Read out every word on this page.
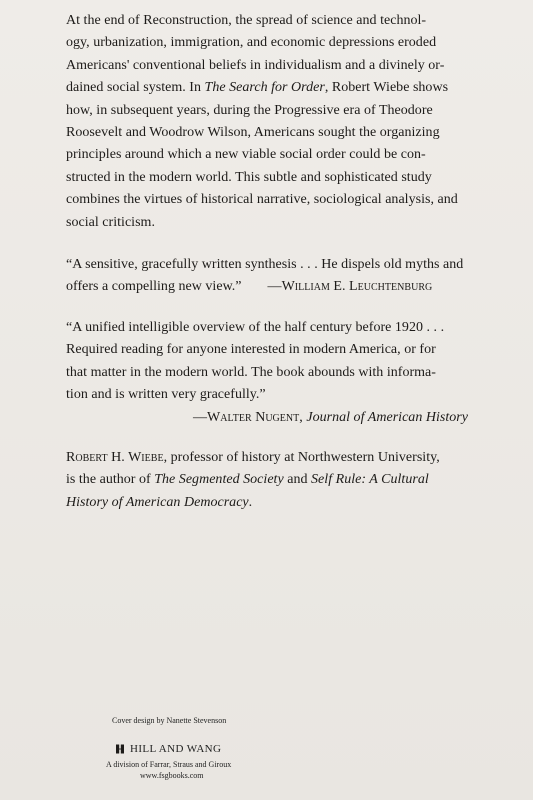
At the end of Reconstruction, the spread of science and technol-

ogy, urbanization, immigration, and economic depressions eroded

Americans' conventional beliefs in individualism and a divinely or-

dained social system. In The Search for Order, Robert Wiebe shows

how, in subsequent years, during the Progressive era of Theodore

Roosevelt and Woodrow Wilson, Americans sought the organizing

principles around which a new viable social order could be con-

structed in the modern world. This subtle and sophisticated study

combines the virtues of historical narrative, sociological analysis, and

social criticism.

“A sensitive, gracefully written synthesis . . . He dispels old myths and
offers a compelling new view.” —William E. Leuchtenburg
“A unified intelligible overview of the half century before 1920 . . .
Required reading for anyone interested in modern America, or for
that matter in the modern world. The book abounds with informa-
tion and is written very gracefully.”
—Walter Nugent, Journal of American History

Robert H. Wiebe, professor of history at Northwestern University,

is the author of The Segmented Society and Self Rule: A Cultural

History of American Democracy.

Cover design by Nanette Stevenson
HILL AND WANG
A division of Farrar, Straus and Giroux
www.fsgbooks.com
